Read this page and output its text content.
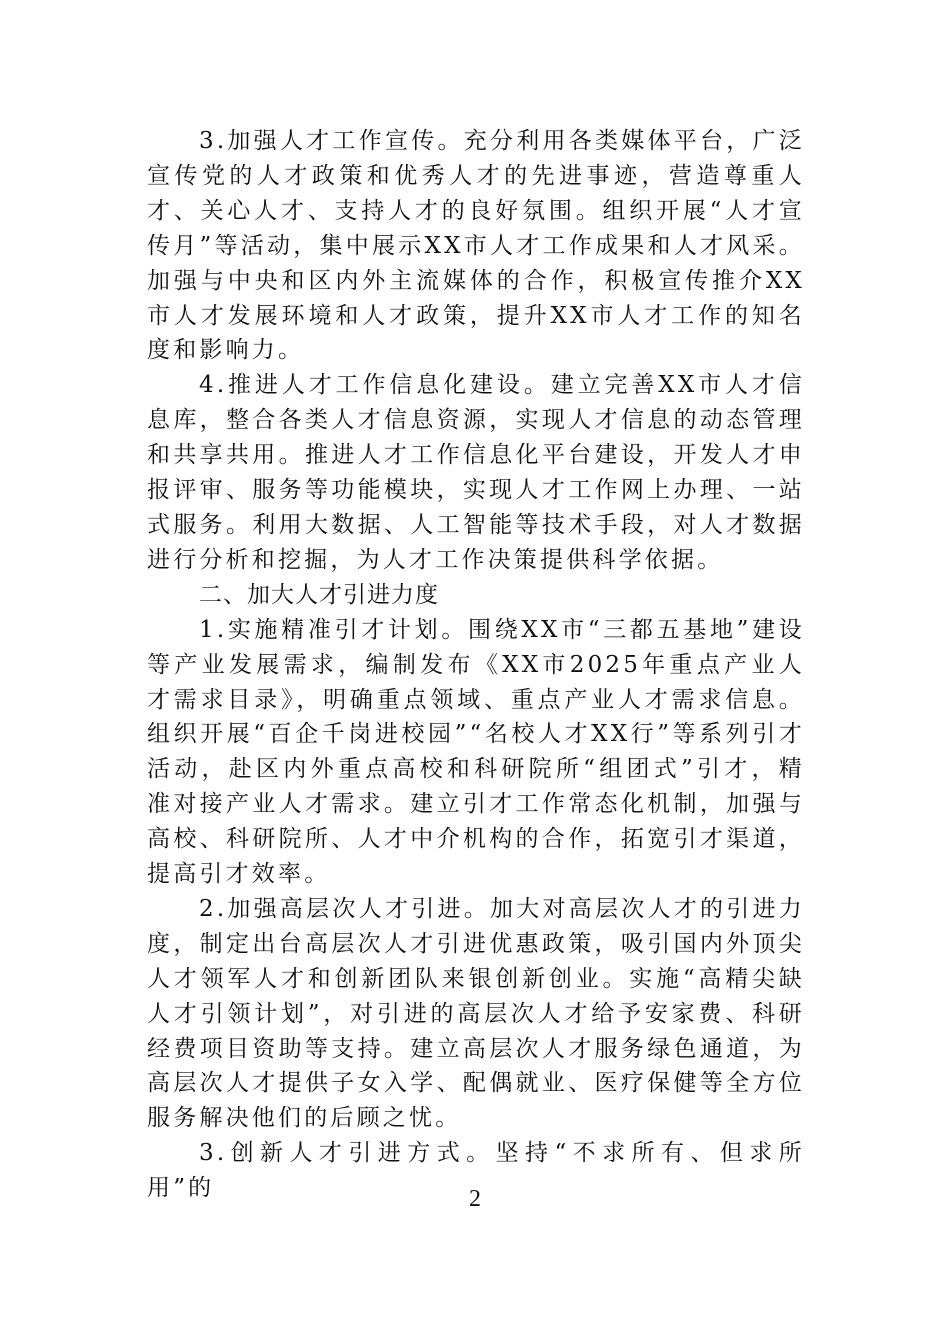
3.加强人才工作宣传。充分利用各类媒体平台，广泛宣传党的人才政策和优秀人才的先进事迹，营造尊重人才、关心人才、支持人才的良好氛围。组织开展“人才宣传月”等活动，集中展示XX市人才工作成果和人才风采。加强与中央和区内外主流媒体的合作，积极宣传推介XX市人才发展环境和人才政策，提升XX市人才工作的知名度和影响力。

4.推进人才工作信息化建设。建立完善XX市人才信息库，整合各类人才信息资源，实现人才信息的动态管理和共享共用。推进人才工作信息化平台建设，开发人才申报评审、服务等功能模块，实现人才工作网上办理、一站式服务。利用大数据、人工智能等技术手段，对人才数据进行分析和挖掘，为人才工作决策提供科学依据。

二、加大人才引进力度

1.实施精准引才计划。围绕XX市“三都五基地”建设等产业发展需求，编制发布《XX市2025年重点产业人才需求目录》，明确重点领域、重点产业人才需求信息。组织开展“百企千岗进校园”“名校人才XX行”等系列引才活动，赴区内外重点高校和科研院所“组团式”引才，精准对接产业人才需求。建立引才工作常态化机制，加强与高校、科研院所、人才中介机构的合作，拓宽引才渠道，提高引才效率。

2.加强高层次人才引进。加大对高层次人才的引进力度，制定出台高层次人才引进优惠政策，吸引国内外顶尖人才领军人才和创新团队来银创新创业。实施“高精尖缺人才引领计划”，对引进的高层次人才给予安家费、科研经费项目资助等支持。建立高层次人才服务绿色通道，为高层次人才提供子女入学、配偶就业、医疗保健等全方位服务解决他们的后顾之忧。

3.创新人才引进方式。坚持“不求所有、但求所用”的	2
